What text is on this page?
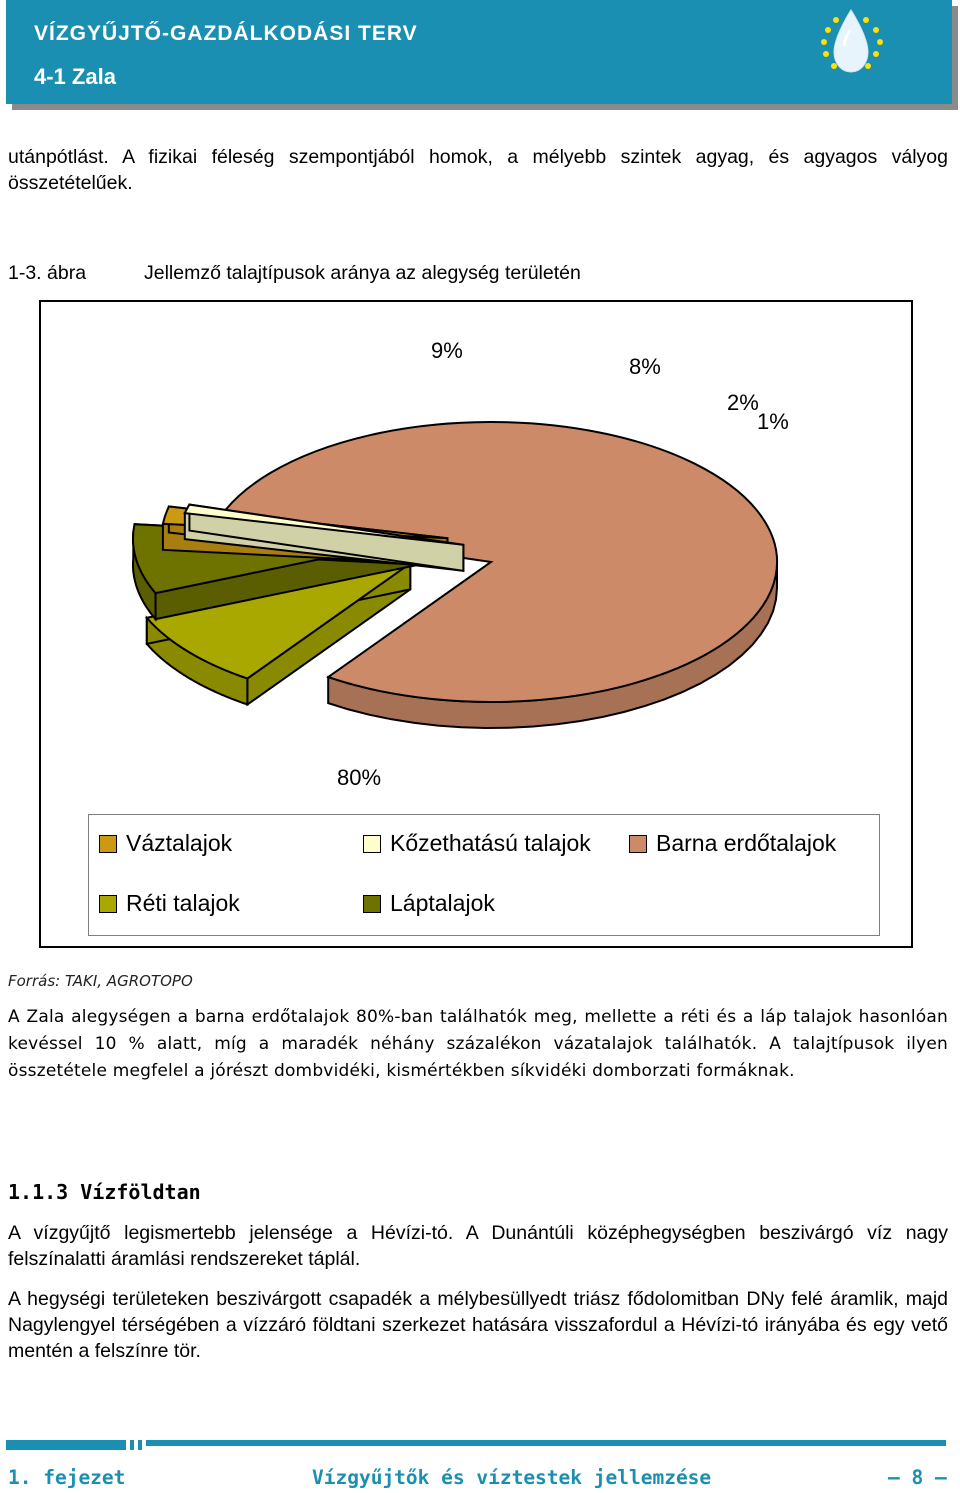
VÍZGYŰJTŐ-GAZDÁLKODÁSI TERV
4-1 Zala
utánpótlást. A fizikai féleség szempontjából homok, a mélyebb szintek agyag, és agyagos vályog összetételűek.
1-3. ábra	Jellemző talajtípusok aránya az alegység területén
80%
9%
8%
2%
1%
Váztalajok	Kőzethatású talajok	Barna erdőtalajok
Réti talajok	Láptalajok
Forrás: TAKI, AGROTOPO
A Zala alegységen a barna erdőtalajok 80%-ban találhatók meg, mellette a réti és a láp talajok hasonlóan kevéssel 10 % alatt, míg a maradék néhány százalékon vázatalajok találhatók. A talajtípusok ilyen összetétele megfelel a jórészt dombvidéki, kismértékben síkvidéki domborzati formáknak.
1.1.3 Vízföldtan
A vízgyűjtő legismertebb jelensége a Hévízi-tó. A Dunántúli középhegységben beszivárgó víz nagy felszínalatti áramlási rendszereket táplál.
A hegységi területeken beszivárgott csapadék a mélybesüllyedt triász fődolomitban DNy felé áramlik, majd Nagylengyel térségében a vízzáró földtani szerkezet hatására visszafordul a Hévízi-tó irányába és egy vető mentén a felszínre tör.
1. fejezet	Vízgyűjtők és víztestek jellemzése	— 8 —
